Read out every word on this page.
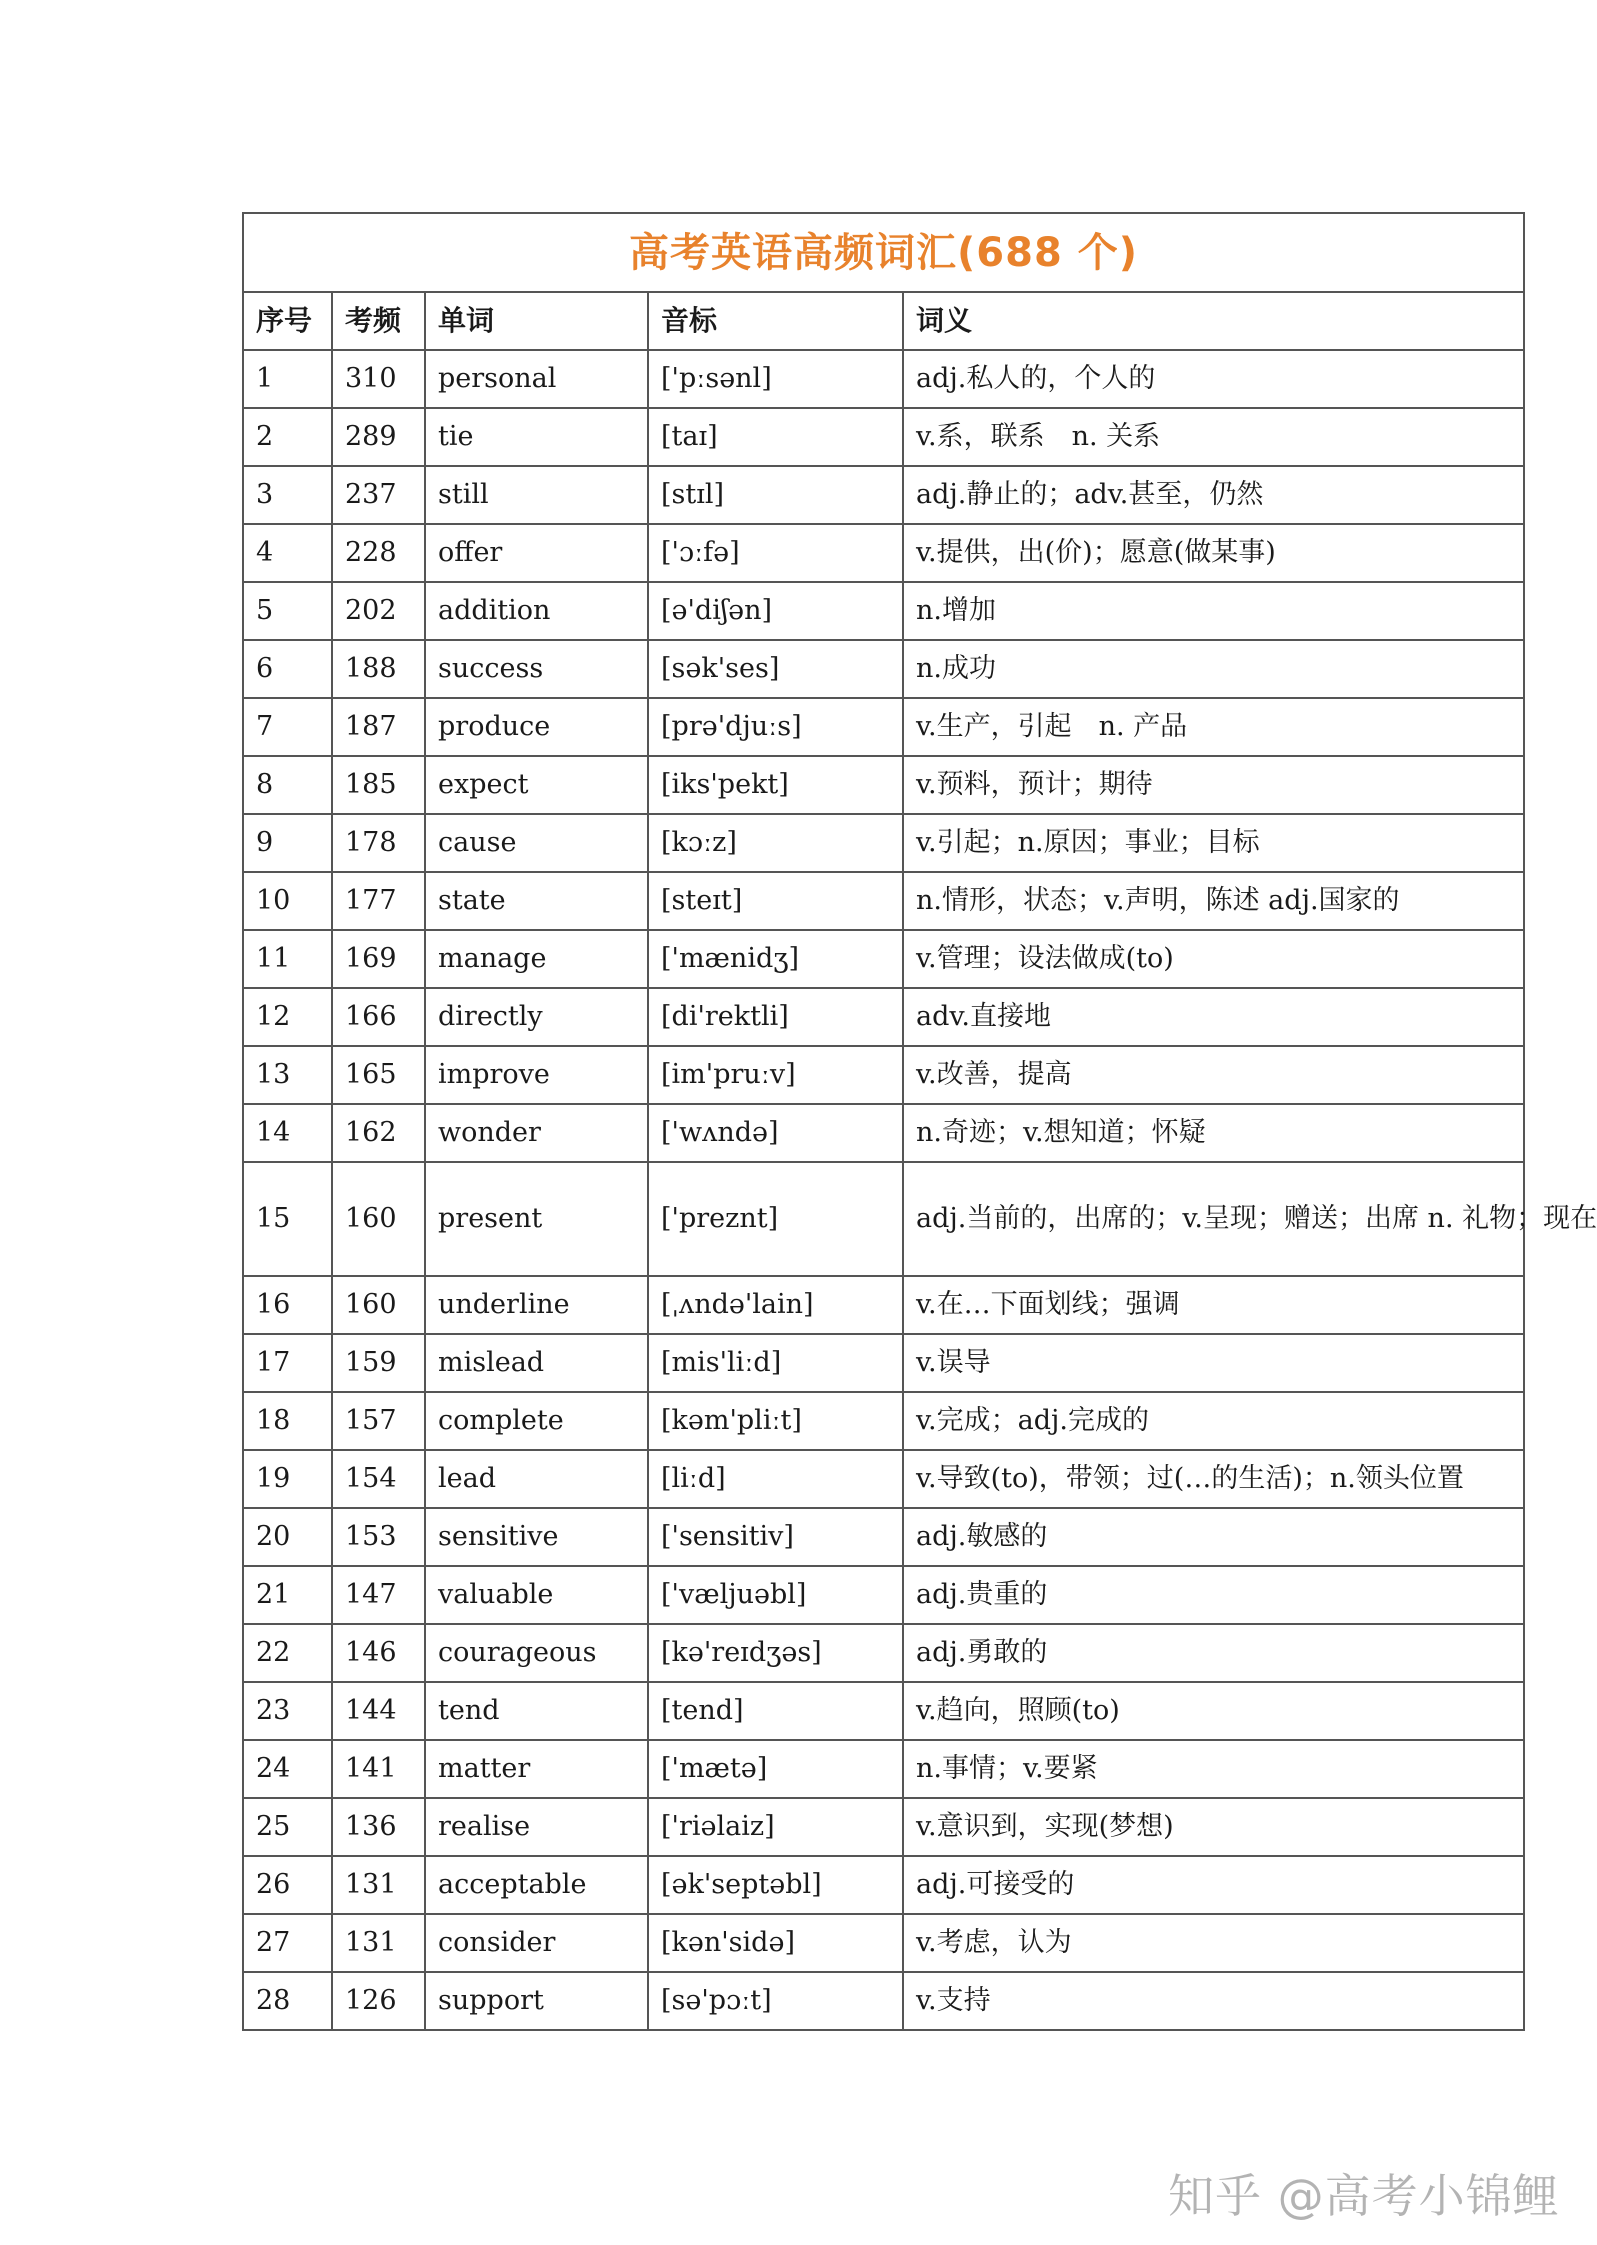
高考英语高频词汇(688 个)				
序号	考频	单词	音标	词义
1	310	personal	['pːsənl]	adj.私人的，个人的
2	289	tie	[taɪ]	v.系，联系　n. 关系
3	237	still	[stɪl]	adj.静止的；adv.甚至，仍然
4	228	offer	['ɔːfə]	v.提供，出(价)；愿意(做某事)
5	202	addition	[ə'diʃən]	n.增加
6	188	success	[sək'ses]	n.成功
7	187	produce	[prə'djuːs]	v.生产，引起　n. 产品
8	185	expect	[iks'pekt]	v.预料，预计；期待
9	178	cause	[kɔːz]	v.引起；n.原因；事业；目标
10	177	state	[steɪt]	n.情形，状态；v.声明，陈述 adj.国家的
11	169	manage	['mænidʒ]	v.管理；设法做成(to)
12	166	directly	[di'rektli]	adv.直接地
13	165	improve	[im'pruːv]	v.改善，提高
14	162	wonder	['wʌndə]	n.奇迹；v.想知道；怀疑
15	160	present	['preznt]	adj.当前的，出席的；v.呈现；赠送；出席 n. 礼物；现在
16	160	underline	[ˌʌndə'lain]	v.在…下面划线；强调
17	159	mislead	[mis'liːd]	v.误导
18	157	complete	[kəm'pliːt]	v.完成；adj.完成的
19	154	lead	[liːd]	v.导致(to)，带领；过(…的生活)；n.领头位置
20	153	sensitive	['sensitiv]	adj.敏感的
21	147	valuable	['væljuəbl]	adj.贵重的
22	146	courageous	[kə'reɪdʒəs]	adj.勇敢的
23	144	tend	[tend]	v.趋向，照顾(to)
24	141	matter	['mætə]	n.事情；v.要紧
25	136	realise	['riəlaiz]	v.意识到，实现(梦想)
26	131	acceptable	[ək'septəbl]	adj.可接受的
27	131	consider	[kən'sidə]	v.考虑，认为
28	126	support	[sə'pɔːt]	v.支持
知乎 @高考小锦鲤
